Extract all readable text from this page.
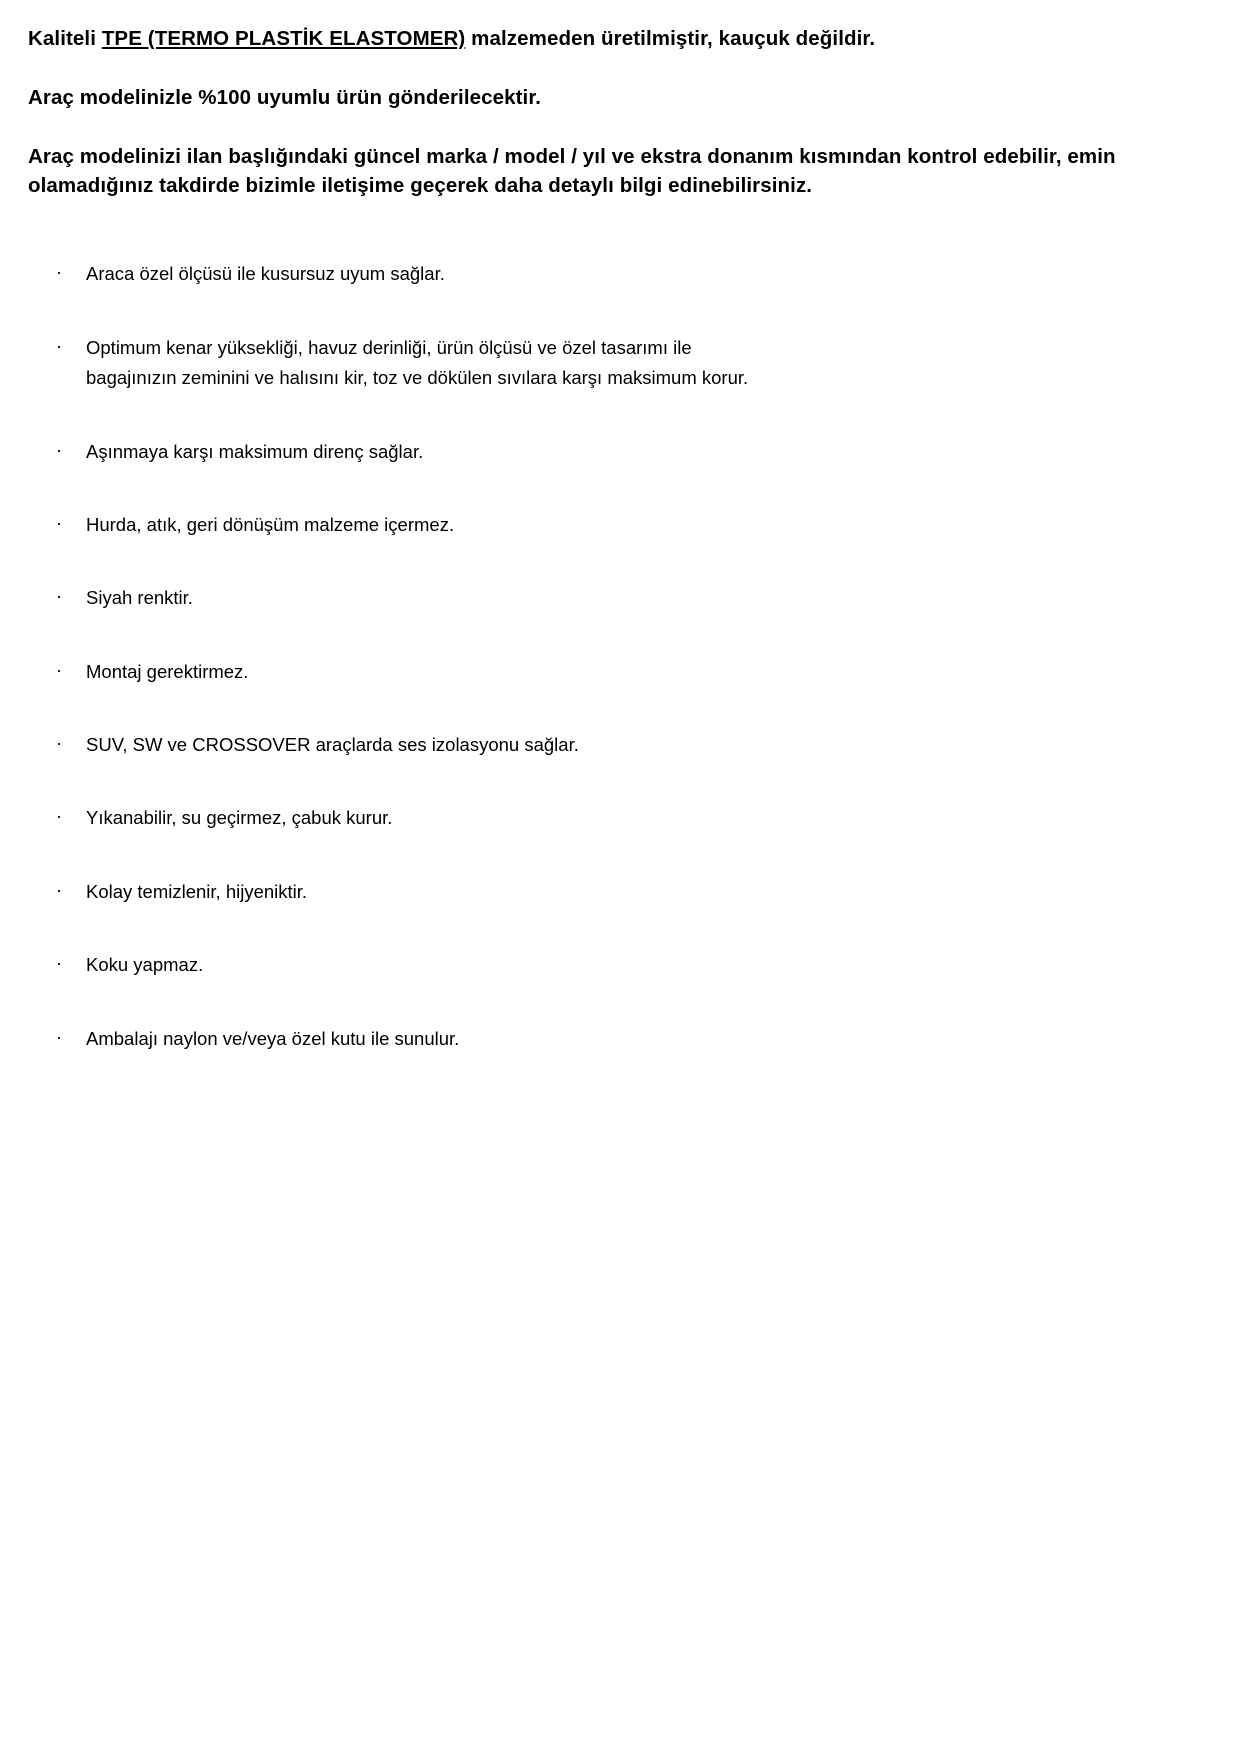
Kaliteli TPE (TERMO PLASTİK ELASTOMER) malzemeden üretilmiştir, kauçuk değildir.

Araç modelinizle %100 uyumlu ürün gönderilecektir.

Araç modelinizi ilan başlığındaki güncel marka / model / yıl ve ekstra donanım kısmından kontrol edebilir, emin olamadığınız takdirde bizimle iletişime geçerek daha detaylı bilgi edinebilirsiniz.

· Araca özel ölçüsü ile kusursuz uyum sağlar.
· Optimum kenar yüksekliği, havuz derinliği, ürün ölçüsü ve özel tasarımı ile
bagajınızın zeminini ve halısını kir, toz ve dökülen sıvılara karşı maksimum korur.
· Aşınmaya karşı maksimum direnç sağlar.
· Hurda, atık, geri dönüşüm malzeme içermez.
· Siyah renktir.
· Montaj gerektirmez.
· SUV, SW ve CROSSOVER araçlarda ses izolasyonu sağlar.
· Yıkanabilir, su geçirmez, çabuk kurur.
· Kolay temizlenir, hijyeniktir.
· Koku yapmaz.
· Ambalajı naylon ve/veya özel kutu ile sunulur.
